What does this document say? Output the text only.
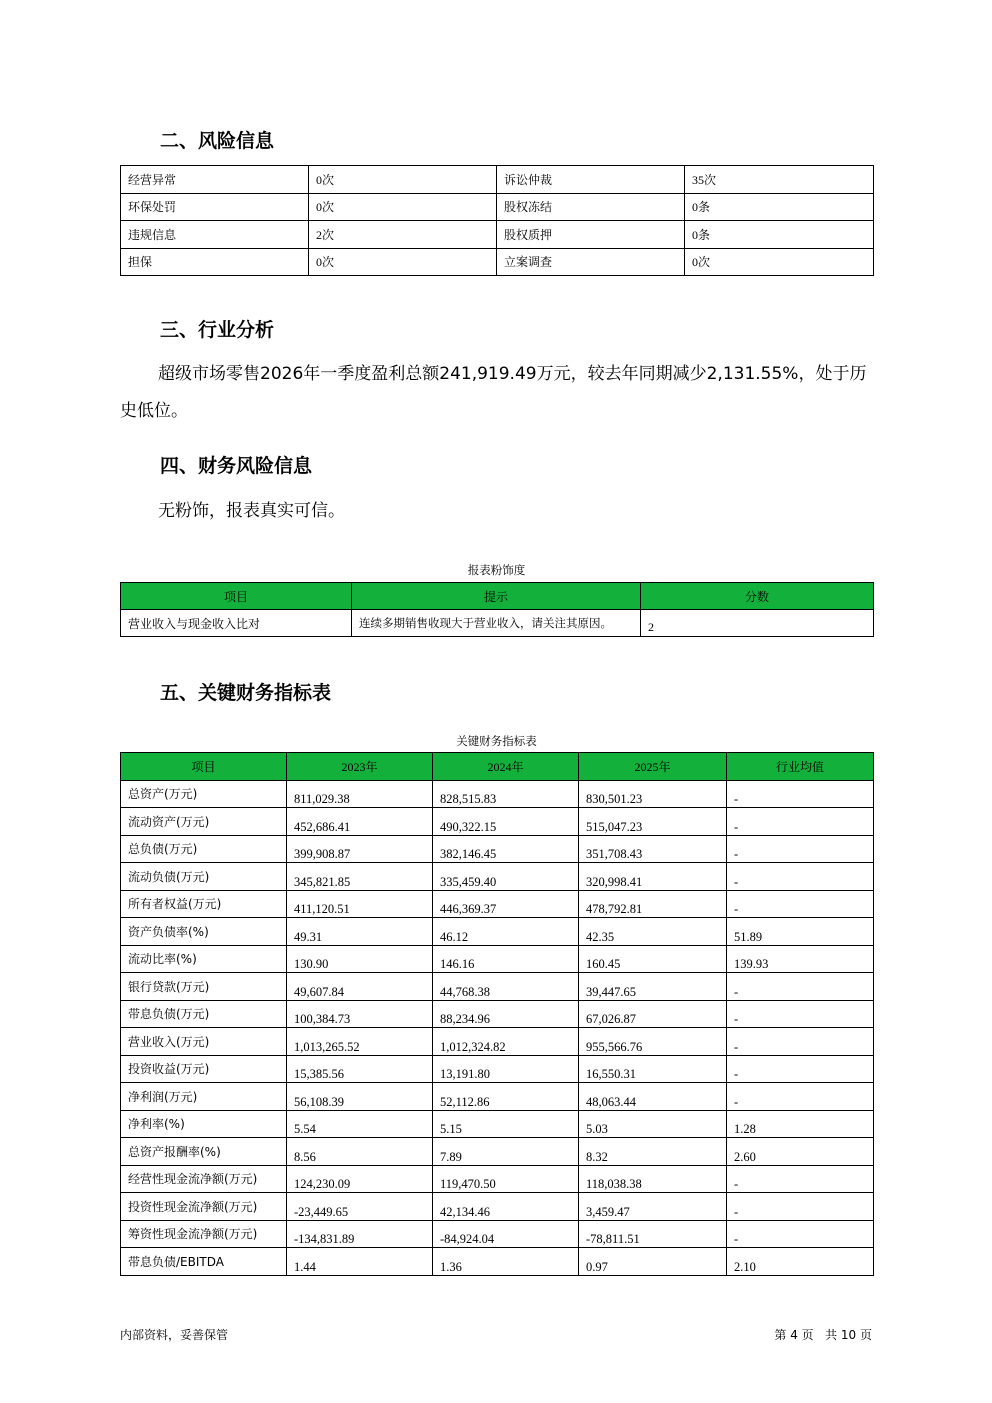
二、风险信息
经营异常	0次	诉讼仲裁	35次
环保处罚	0次	股权冻结	0条
违规信息	2次	股权质押	0条
担保	0次	立案调查	0次
三、行业分析

超级市场零售2026年一季度盈利总额241,919.49万元，较去年同期减少2,131.55%，处于历史低位。

四、财务风险信息

无粉饰，报表真实可信。

报表粉饰度
项目	提示	分数
营业收入与现金收入比对	连续多期销售收现大于营业收入，请关注其原因。	2
五、关键财务指标表
关键财务指标表
项目	2023年	2024年	2025年	行业均值
总资产(万元)	811,029.38	828,515.83	830,501.23	-
流动资产(万元)	452,686.41	490,322.15	515,047.23	-
总负债(万元)	399,908.87	382,146.45	351,708.43	-
流动负债(万元)	345,821.85	335,459.40	320,998.41	-
所有者权益(万元)	411,120.51	446,369.37	478,792.81	-
资产负债率(%)	49.31	46.12	42.35	51.89
流动比率(%)	130.90	146.16	160.45	139.93
银行贷款(万元)	49,607.84	44,768.38	39,447.65	-
带息负债(万元)	100,384.73	88,234.96	67,026.87	-
营业收入(万元)	1,013,265.52	1,012,324.82	955,566.76	-
投资收益(万元)	15,385.56	13,191.80	16,550.31	-
净利润(万元)	56,108.39	52,112.86	48,063.44	-
净利率(%)	5.54	5.15	5.03	1.28
总资产报酬率(%)	8.56	7.89	8.32	2.60
经营性现金流净额(万元)	124,230.09	119,470.50	118,038.38	-
投资性现金流净额(万元)	-23,449.65	42,134.46	3,459.47	-
筹资性现金流净额(万元)	-134,831.89	-84,924.04	-78,811.51	-
带息负债/EBITDA	1.44	1.36	0.97	2.10
内部资料，妥善保管	第 4 页   共 10 页
